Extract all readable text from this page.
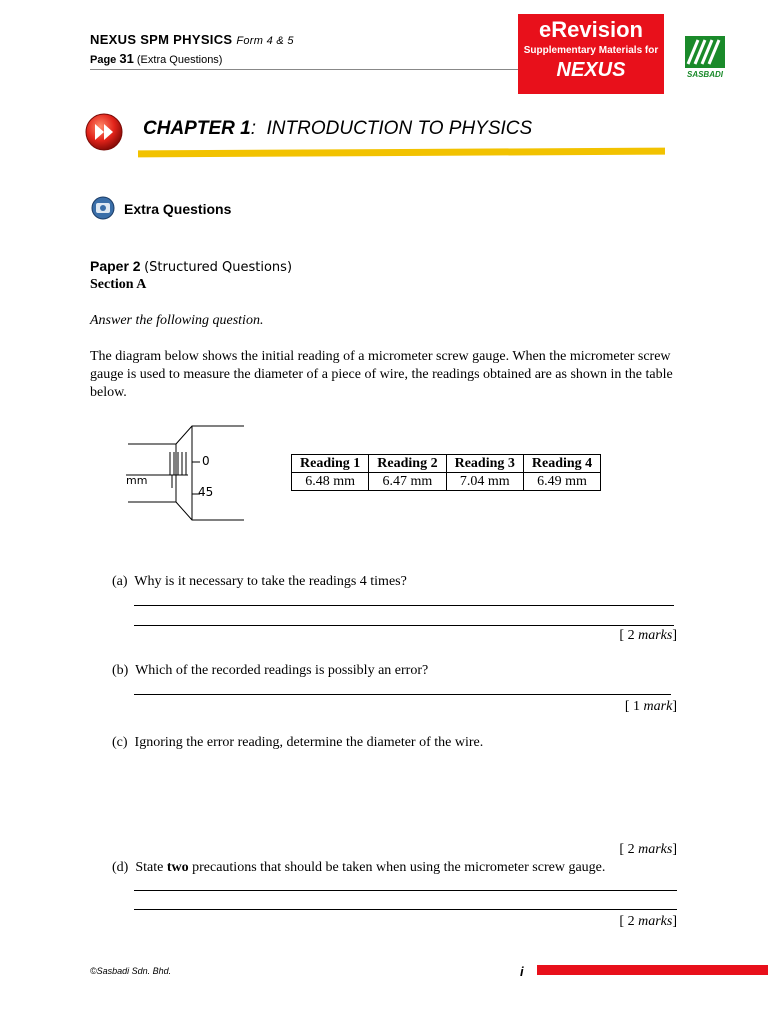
NEXUS SPM PHYSICS Form 4 & 5
Page 31 (Extra Questions)
eRevision
Supplementary Materials for
NEXUS	SASBADI
CHAPTER 1: INTRODUCTION TO PHYSICS
Extra Questions
Paper 2 (Structured Questions)
Section A
Answer the following question.
The diagram below shows the initial reading of a micrometer screw gauge. When the micrometer screw gauge is used to measure the diameter of a piece of wire, the readings obtained are as shown in the table below.
mm
0
45
Reading 1	Reading 2	Reading 3	Reading 4
6.48 mm	6.47 mm	7.04 mm	6.49 mm
(a) Why is it necessary to take the readings 4 times?
[ 2 marks]
(b) Which of the recorded readings is possibly an error?
[ 1 mark]
(c) Ignoring the error reading, determine the diameter of the wire.
[ 2 marks]
(d) State two precautions that should be taken when using the micrometer screw gauge.
[ 2 marks]
©Sasbadi Sdn. Bhd.	i
